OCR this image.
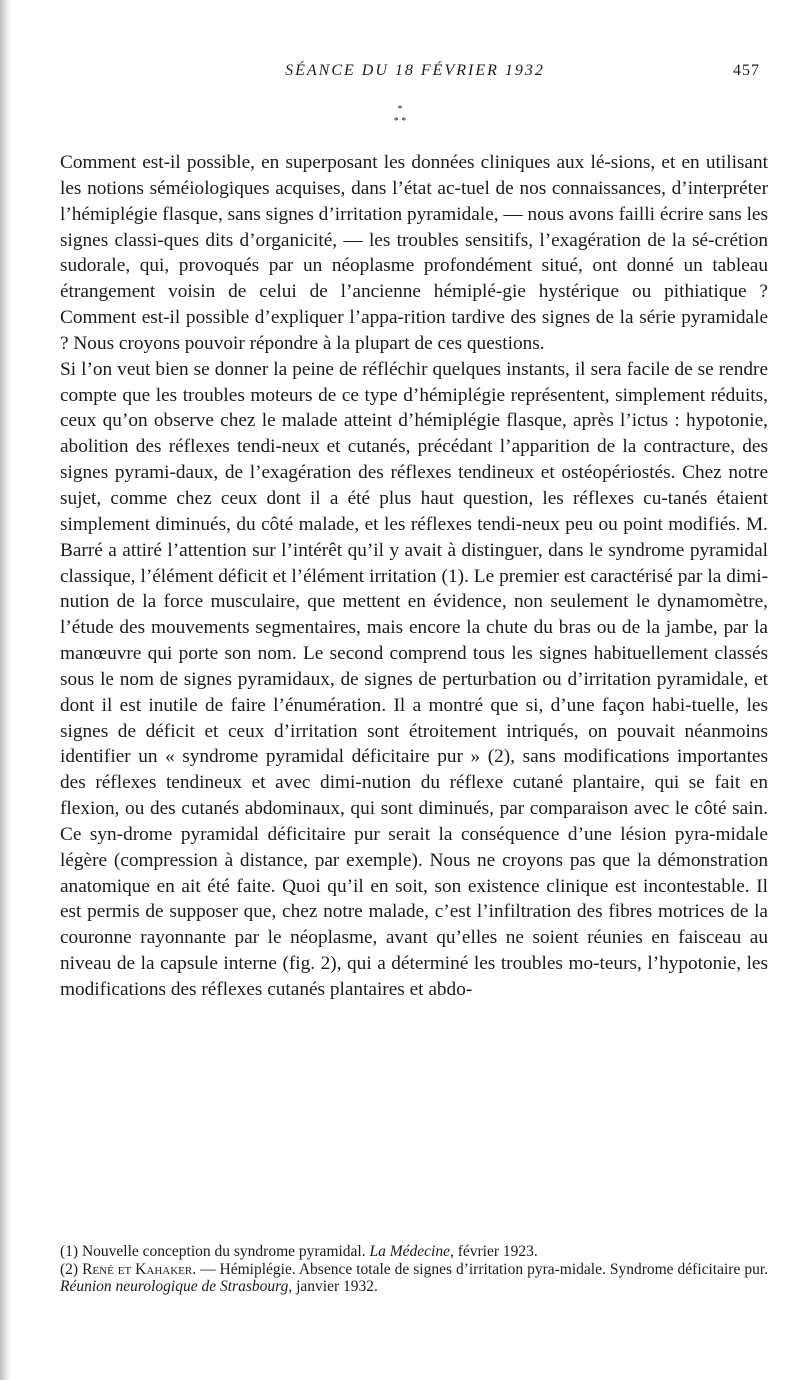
SÉANCE DU 18 FÉVRIER 1932	457
*
* *

Comment est-il possible, en superposant les données cliniques aux lé-sions, et en utilisant les notions séméiologiques acquises, dans l’état ac-tuel de nos connaissances, d’interpréter l’hémiplégie flasque, sans signes d’irritation pyramidale, — nous avons failli écrire sans les signes classi-ques dits d’organicité, — les troubles sensitifs, l’exagération de la sé-crétion sudorale, qui, provoqués par un néoplasme profondément situé, ont donné un tableau étrangement voisin de celui de l’ancienne hémiplé-gie hystérique ou pithiatique ? Comment est-il possible d’expliquer l’appa-rition tardive des signes de la série pyramidale ? Nous croyons pouvoir répondre à la plupart de ces questions.

Si l’on veut bien se donner la peine de réfléchir quelques instants, il sera facile de se rendre compte que les troubles moteurs de ce type d’hémiplégie représentent, simplement réduits, ceux qu’on observe chez le malade atteint d’hémiplégie flasque, après l’ictus : hypotonie, abolition des réflexes tendi-neux et cutanés, précédant l’apparition de la contracture, des signes pyrami-daux, de l’exagération des réflexes tendineux et ostéopériostés. Chez notre sujet, comme chez ceux dont il a été plus haut question, les réflexes cu-tanés étaient simplement diminués, du côté malade, et les réflexes tendi-neux peu ou point modifiés. M. Barré a attiré l’attention sur l’intérêt qu’il y avait à distinguer, dans le syndrome pyramidal classique, l’élément déficit et l’élément irritation (1). Le premier est caractérisé par la dimi-nution de la force musculaire, que mettent en évidence, non seulement le dynamomètre, l’étude des mouvements segmentaires, mais encore la chute du bras ou de la jambe, par la manœuvre qui porte son nom. Le second comprend tous les signes habituellement classés sous le nom de signes pyramidaux, de signes de perturbation ou d’irritation pyramidale, et dont il est inutile de faire l’énumération. Il a montré que si, d’une façon habi-tuelle, les signes de déficit et ceux d’irritation sont étroitement intriqués, on pouvait néanmoins identifier un « syndrome pyramidal déficitaire pur » (2), sans modifications importantes des réflexes tendineux et avec dimi-nution du réflexe cutané plantaire, qui se fait en flexion, ou des cutanés abdominaux, qui sont diminués, par comparaison avec le côté sain. Ce syn-drome pyramidal déficitaire pur serait la conséquence d’une lésion pyra-midale légère (compression à distance, par exemple). Nous ne croyons pas que la démonstration anatomique en ait été faite. Quoi qu’il en soit, son existence clinique est incontestable. Il est permis de supposer que, chez notre malade, c’est l’infiltration des fibres motrices de la couronne rayonnante par le néoplasme, avant qu’elles ne soient réunies en faisceau au niveau de la capsule interne (fig. 2), qui a déterminé les troubles mo-teurs, l’hypotonie, les modifications des réflexes cutanés plantaires et abdo-

(1) Nouvelle conception du syndrome pyramidal. La Médecine, février 1923.

(2) René et Kahaker. — Hémiplégie. Absence totale de signes d’irritation pyra-midale. Syndrome déficitaire pur. Réunion neurologique de Strasbourg, janvier 1932.
